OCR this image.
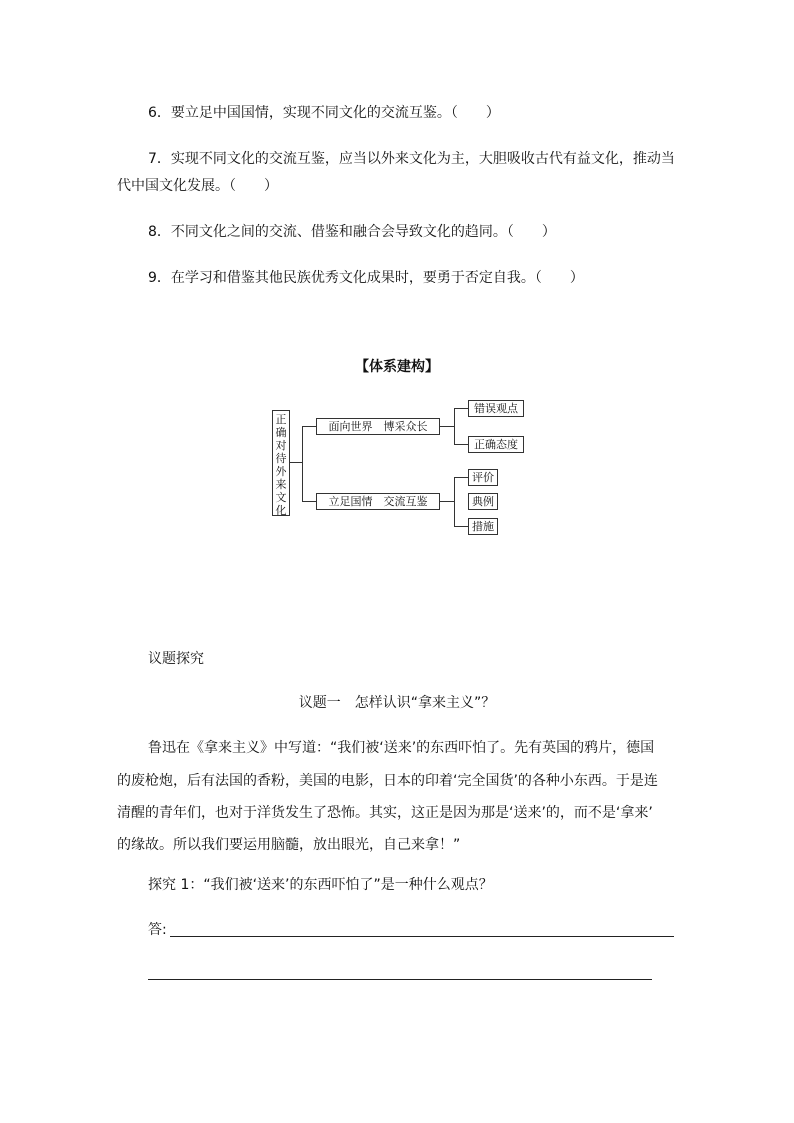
6．要立足中国国情，实现不同文化的交流互鉴。（　　）
7．实现不同文化的交流互鉴，应当以外来文化为主，大胆吸收古代有益文化，推动当
代中国文化发展。（　　）
8．不同文化之间的交流、借鉴和融合会导致文化的趋同。（　　）
9．在学习和借鉴其他民族优秀文化成果时，要勇于否定自我。（　　）
【体系建构】
正
确
对
待
外
来
文
化
面向世界　博采众长
立足国情　交流互鉴
错误观点
正确态度
评价
典例
措施
议题探究
议题一　怎样认识“拿来主义”？
鲁迅在《拿来主义》中写道：“我们被‘送来’的东西吓怕了。先有英国的鸦片，德国
的废枪炮，后有法国的香粉，美国的电影，日本的印着‘完全国货’的各种小东西。于是连
清醒的青年们，也对于洋货发生了恐怖。其实，这正是因为那是‘送来’的，而不是‘拿来’
的缘故。所以我们要运用脑髓，放出眼光，自己来拿！”
探究 1：“我们被‘送来’的东西吓怕了”是一种什么观点？
答:
